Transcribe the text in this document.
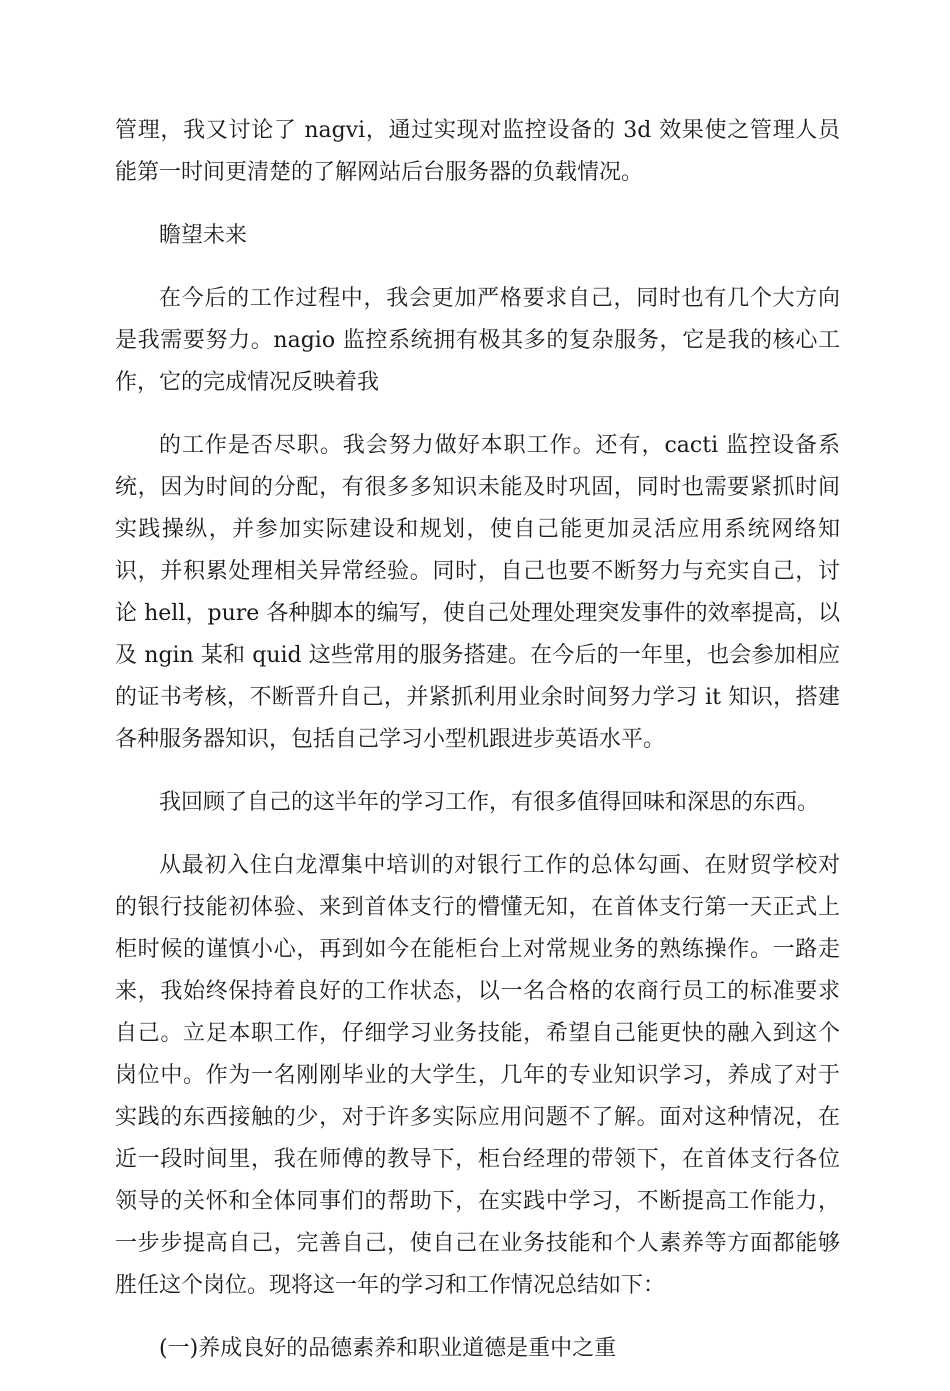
管理，我又讨论了 nagvi，通过实现对监控设备的 3d 效果使之管理人员能第一时间更清楚的了解网站后台服务器的负载情况。

瞻望未来

在今后的工作过程中，我会更加严格要求自己，同时也有几个大方向是我需要努力。nagio 监控系统拥有极其多的复杂服务，它是我的核心工作，它的完成情况反映着我

的工作是否尽职。我会努力做好本职工作。还有，cacti 监控设备系统，因为时间的分配，有很多多知识未能及时巩固，同时也需要紧抓时间实践操纵，并参加实际建设和规划，使自己能更加灵活应用系统网络知识，并积累处理相关异常经验。同时，自己也要不断努力与充实自己，讨论 hell，pure 各种脚本的编写，使自己处理处理突发事件的效率提高，以及 ngin 某和 quid 这些常用的服务搭建。在今后的一年里，也会参加相应的证书考核，不断晋升自己，并紧抓利用业余时间努力学习 it 知识，搭建各种服务器知识，包括自己学习小型机跟进步英语水平。

我回顾了自己的这半年的学习工作，有很多值得回味和深思的东西。

从最初入住白龙潭集中培训的对银行工作的总体勾画、在财贸学校对的银行技能初体验、来到首体支行的懵懂无知，在首体支行第一天正式上柜时候的谨慎小心，再到如今在能柜台上对常规业务的熟练操作。一路走来，我始终保持着良好的工作状态，以一名合格的农商行员工的标准要求自己。立足本职工作，仔细学习业务技能，希望自己能更快的融入到这个岗位中。作为一名刚刚毕业的大学生，几年的专业知识学习，养成了对于实践的东西接触的少，对于许多实际应用问题不了解。面对这种情况，在近一段时间里，我在师傅的教导下，柜台经理的带领下，在首体支行各位领导的关怀和全体同事们的帮助下，在实践中学习，不断提高工作能力，一步步提高自己，完善自己，使自己在业务技能和个人素养等方面都能够胜任这个岗位。现将这一年的学习和工作情况总结如下：

(一)养成良好的品德素养和职业道德是重中之重
